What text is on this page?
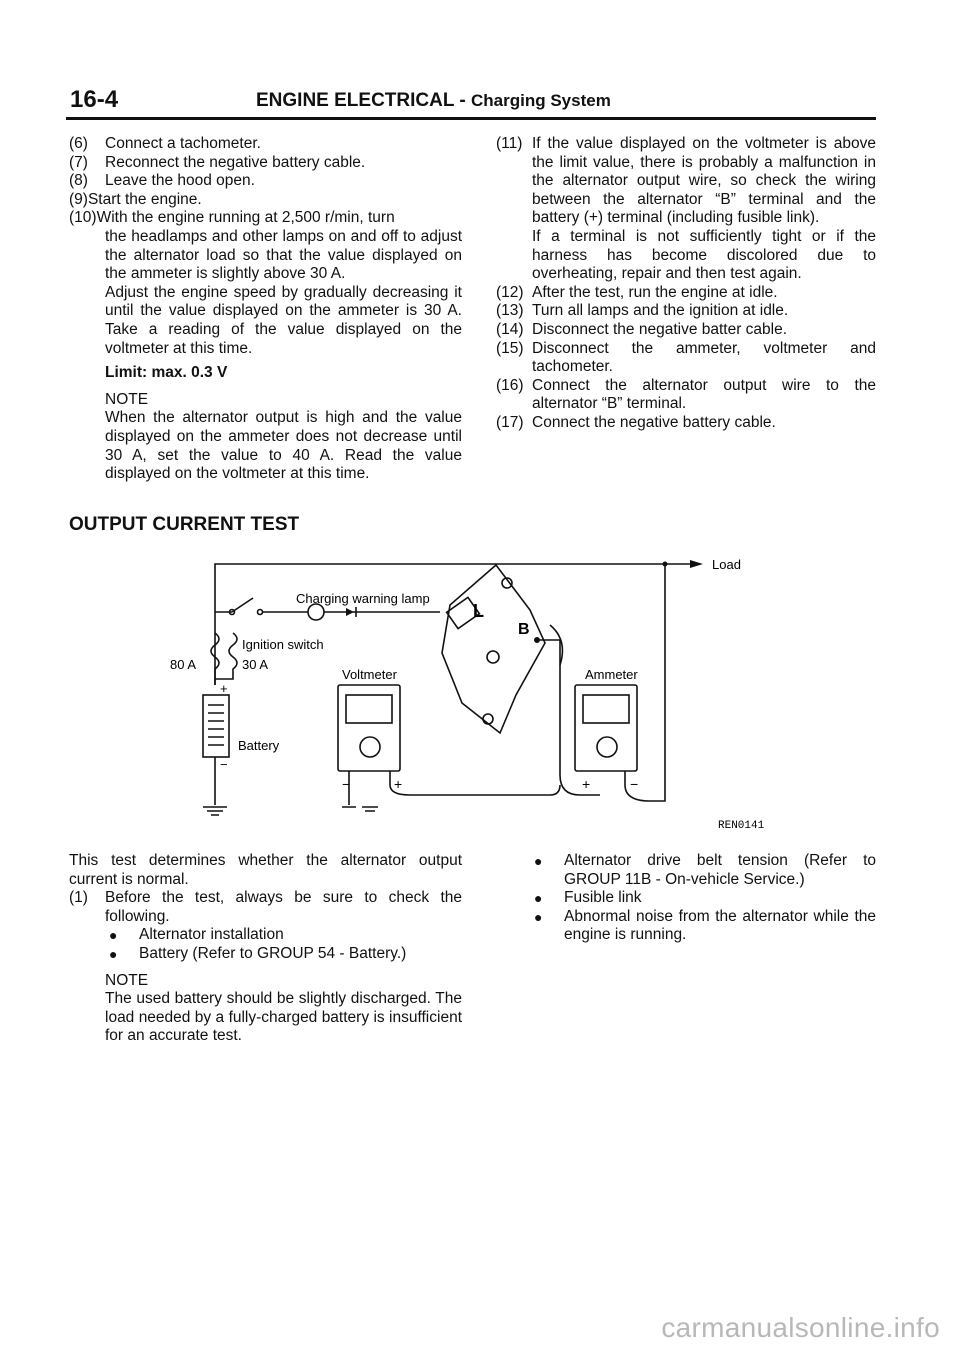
16-4	ENGINE ELECTRICAL - Charging System

(6) Connect a tachometer.

(7) Reconnect the negative battery cable.

(8) Leave the hood open.

(9)Start the engine.

(10)With the engine running at 2,500 r/min, turn

the headlamps and other lamps on and off to adjust the alternator load so that the value displayed on the ammeter is slightly above 30 A.

Adjust the engine speed by gradually decreasing it until the value displayed on the ammeter is 30 A. Take a reading of the value displayed on the voltmeter at this time.

Limit: max. 0.3 V

NOTE

When the alternator output is high and the value displayed on the ammeter does not decrease until 30 A, set the value to 40 A. Read the value displayed on the voltmeter at this time.

(11) If the value displayed on the voltmeter is above the limit value, there is probably a malfunction in the alternator output wire, so check the wiring between the alternator “B” terminal and the battery (+) terminal (including fusible link).

If a terminal is not sufficiently tight or if the harness has become discolored due to overheating, repair and then test again.

(12) After the test, run the engine at idle.

(13) Turn all lamps and the ignition at idle.

(14) Disconnect the negative batter cable.

(15) Disconnect the ammeter, voltmeter and tachometer.

(16) Connect the alternator output wire to the alternator “B” terminal.

(17) Connect the negative battery cable.

OUTPUT CURRENT TEST
Load
Charging warning lamp
Ignition switch
80 A	30 A
Voltmeter	Ammeter
Battery
L
B
+
−
−	+	+	−
REN0141

This test determines whether the alternator output current is normal.

(1) Before the test, always be sure to check the following.

● Alternator installation

● Battery (Refer to GROUP 54 - Battery.)

NOTE

The used battery should be slightly discharged. The load needed by a fully-charged battery is insufficient for an accurate test.

● Alternator drive belt tension (Refer to GROUP 11B - On-vehicle Service.)

● Fusible link

● Abnormal noise from the alternator while the engine is running.

carmanualsonline.info
